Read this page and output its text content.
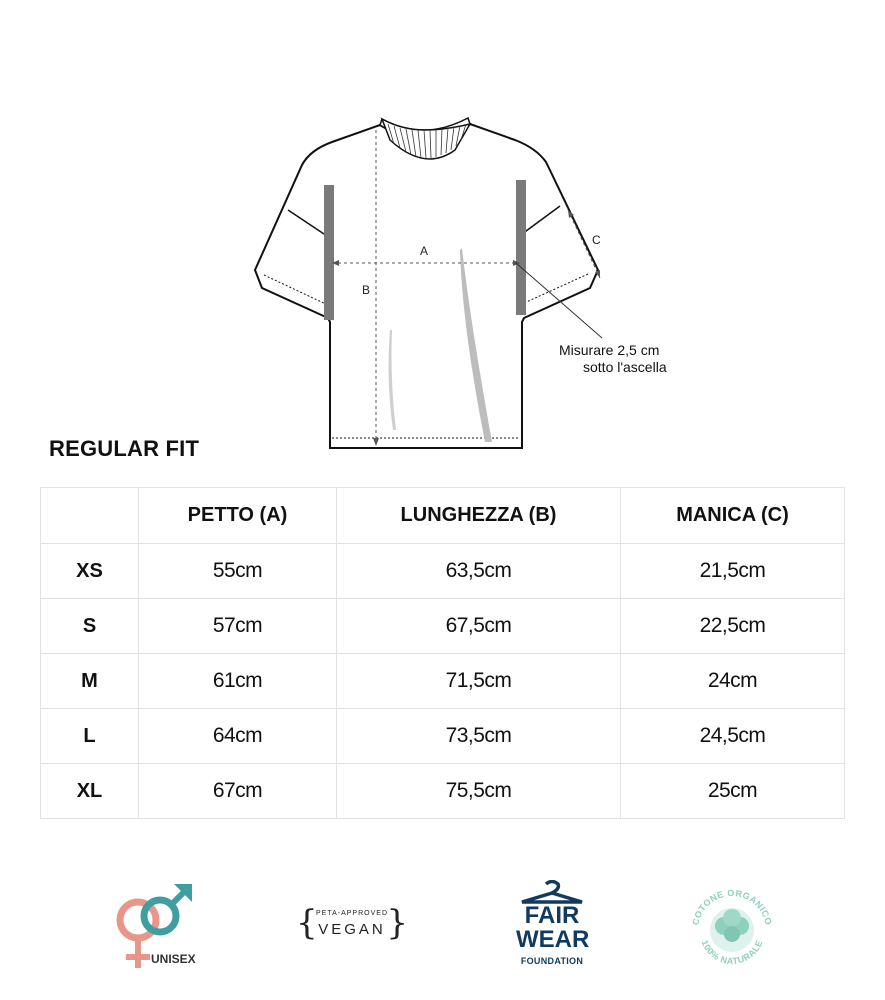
A
B
C
Misurare 2,5 cm
sotto l'ascella
REGULAR FIT
	PETTO (A)	LUNGHEZZA (B)	MANICA (C)
XS	55cm	63,5cm	21,5cm
S	57cm	67,5cm	22,5cm
M	61cm	71,5cm	24cm
L	64cm	73,5cm	24,5cm
XL	67cm	75,5cm	25cm
UNISEX
{
PETA-APPROVED
VEGAN }	FAIR
WEAR
FOUNDATION
COTONE ORGANICO
100% NATURALE
